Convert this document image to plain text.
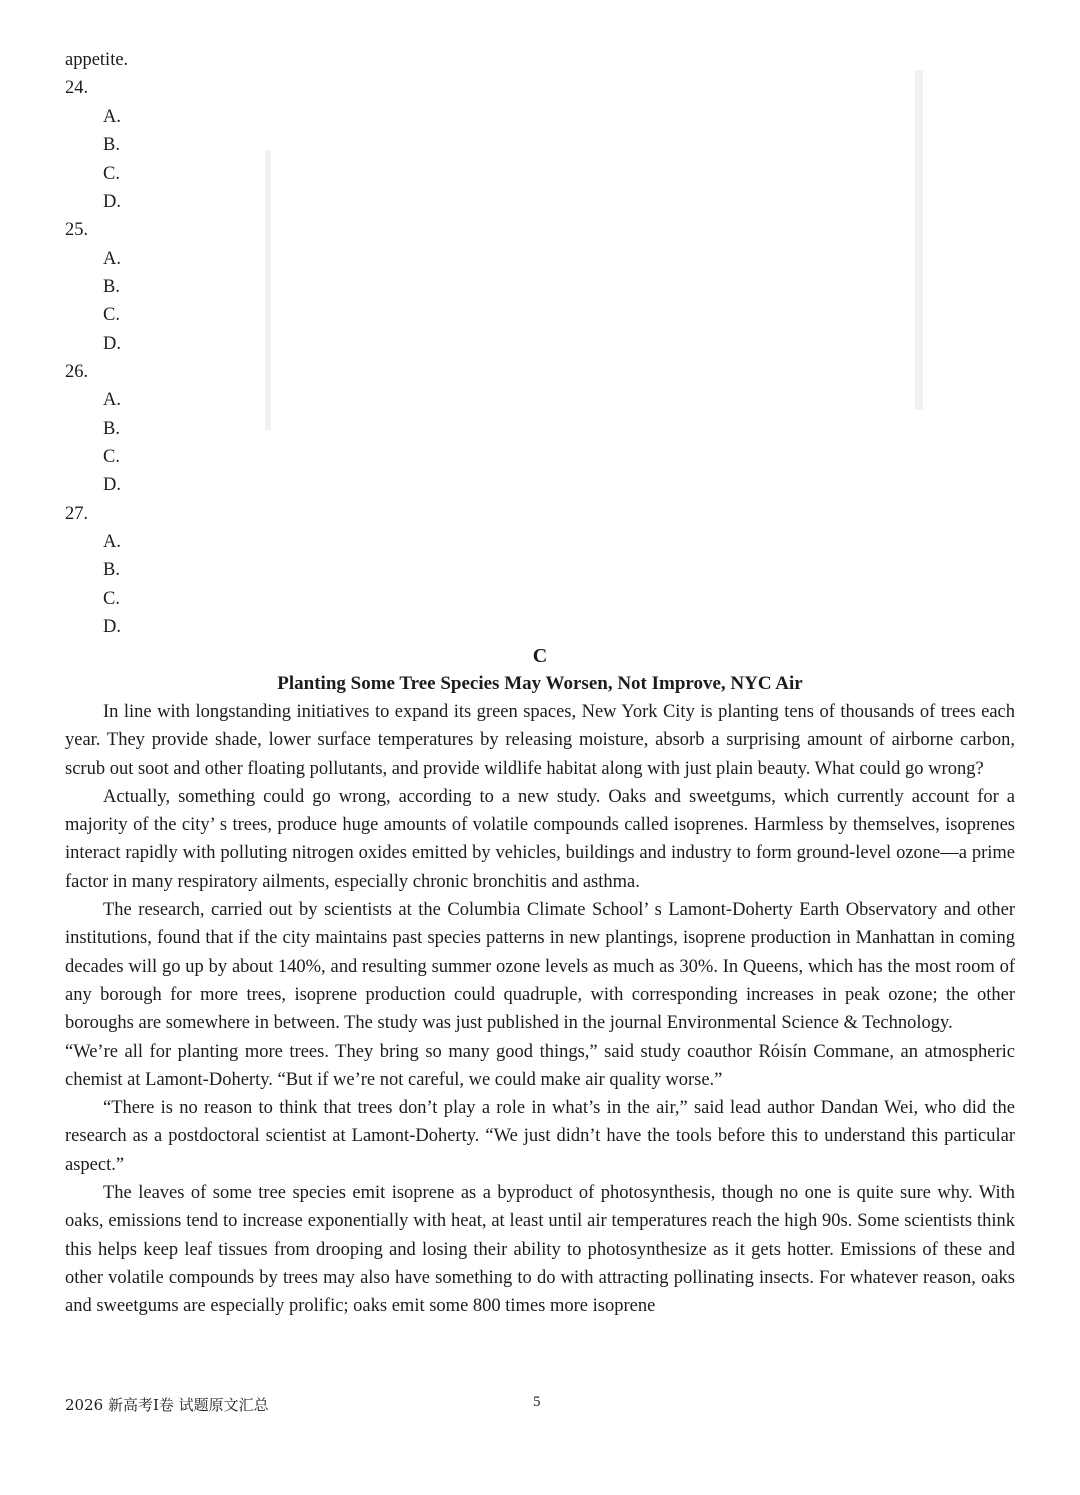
appetite.
24.
A.
B.
C.
D.
25.
A.
B.
C.
D.
26.
A.
B.
C.
D.
27.
A.
B.
C.
D.
C
Planting Some Tree Species May Worsen, Not Improve, NYC Air

In line with longstanding initiatives to expand its green spaces, New York City is planting tens of thousands of trees each year. They provide shade, lower surface temperatures by releasing moisture, absorb a surprising amount of airborne carbon, scrub out soot and other floating pollutants, and provide wildlife habitat along with just plain beauty. What could go wrong?

Actually, something could go wrong, according to a new study. Oaks and sweetgums, which currently account for a majority of the city’ s trees, produce huge amounts of volatile compounds called isoprenes. Harmless by themselves, isoprenes interact rapidly with polluting nitrogen oxides emitted by vehicles, buildings and industry to form ground-level ozone—a prime factor in many respiratory ailments, especially chronic bronchitis and asthma.

The research, carried out by scientists at the Columbia Climate School’ s Lamont-Doherty Earth Observatory and other institutions, found that if the city maintains past species patterns in new plantings, isoprene production in Manhattan in coming decades will go up by about 140%, and resulting summer ozone levels as much as 30%. In Queens, which has the most room of any borough for more trees, isoprene production could quadruple, with corresponding increases in peak ozone; the other boroughs are somewhere in between. The study was just published in the journal Environmental Science & Technology.

“We’re all for planting more trees. They bring so many good things,” said study coauthor Róisín Commane, an atmospheric chemist at Lamont-Doherty. “But if we’re not careful, we could make air quality worse.”

“There is no reason to think that trees don’t play a role in what’s in the air,” said lead author Dandan Wei, who did the research as a postdoctoral scientist at Lamont-Doherty. “We just didn’t have the tools before this to understand this particular aspect.”

The leaves of some tree species emit isoprene as a byproduct of photosynthesis, though no one is quite sure why. With oaks, emissions tend to increase exponentially with heat, at least until air temperatures reach the high 90s. Some scientists think this helps keep leaf tissues from drooping and losing their ability to photosynthesize as it gets hotter. Emissions of these and other volatile compounds by trees may also have something to do with attracting pollinating insects. For whatever reason, oaks and sweetgums are especially prolific; oaks emit some 800 times more isoprene

2026 新高考I卷 试题原文汇总	5
